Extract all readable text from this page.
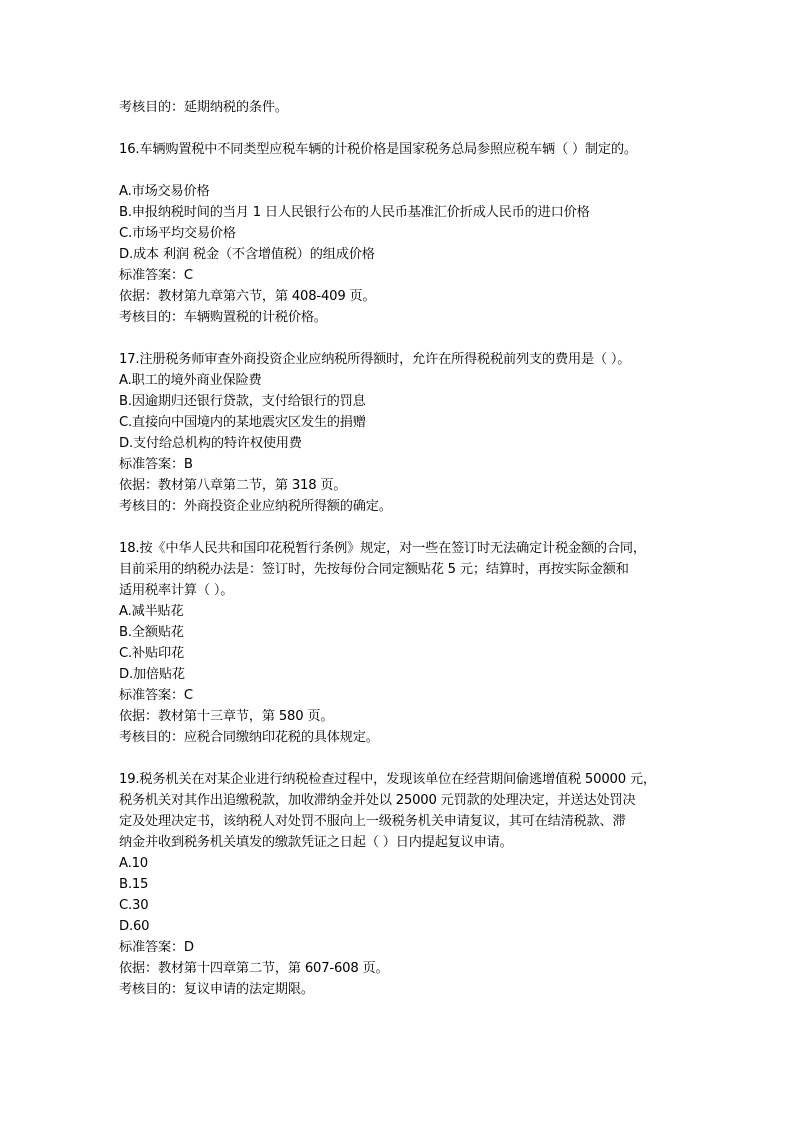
考核目的：延期纳税的条件。
16.车辆购置税中不同类型应税车辆的计税价格是国家税务总局参照应税车辆（ ）制定的。
A.市场交易价格
B.申报纳税时间的当月 1 日人民银行公布的人民币基准汇价折成人民币的进口价格
C.市场平均交易价格
D.成本 利润 税金（不含增值税）的组成价格
标准答案：C
依据：教材第九章第六节，第 408-409 页。
考核目的：车辆购置税的计税价格。
17.注册税务师审查外商投资企业应纳税所得额时，允许在所得税税前列支的费用是（ ）。
A.职工的境外商业保险费
B.因逾期归还银行贷款，支付给银行的罚息
C.直接向中国境内的某地震灾区发生的捐赠
D.支付给总机构的特许权使用费
标准答案：B
依据：教材第八章第二节，第 318 页。
考核目的：外商投资企业应纳税所得额的确定。
18.按《中华人民共和国印花税暂行条例》规定，对一些在签订时无法确定计税金额的合同，
目前采用的纳税办法是：签订时，先按每份合同定额贴花 5 元；结算时，再按实际金额和
适用税率计算（ ）。
A.减半贴花
B.全额贴花
C.补贴印花
D.加倍贴花
标准答案：C
依据：教材第十三章节，第 580 页。
考核目的：应税合同缴纳印花税的具体规定。
19.税务机关在对某企业进行纳税检查过程中，发现该单位在经营期间偷逃增值税 50000 元，
税务机关对其作出追缴税款，加收滞纳金并处以 25000 元罚款的处理决定，并送达处罚决
定及处理决定书，该纳税人对处罚不服向上一级税务机关申请复议，其可在结清税款、滞
纳金并收到税务机关填发的缴款凭证之日起（ ）日内提起复议申请。
A.10
B.15
C.30
D.60
标准答案：D
依据：教材第十四章第二节，第 607-608 页。
考核目的：复议申请的法定期限。
